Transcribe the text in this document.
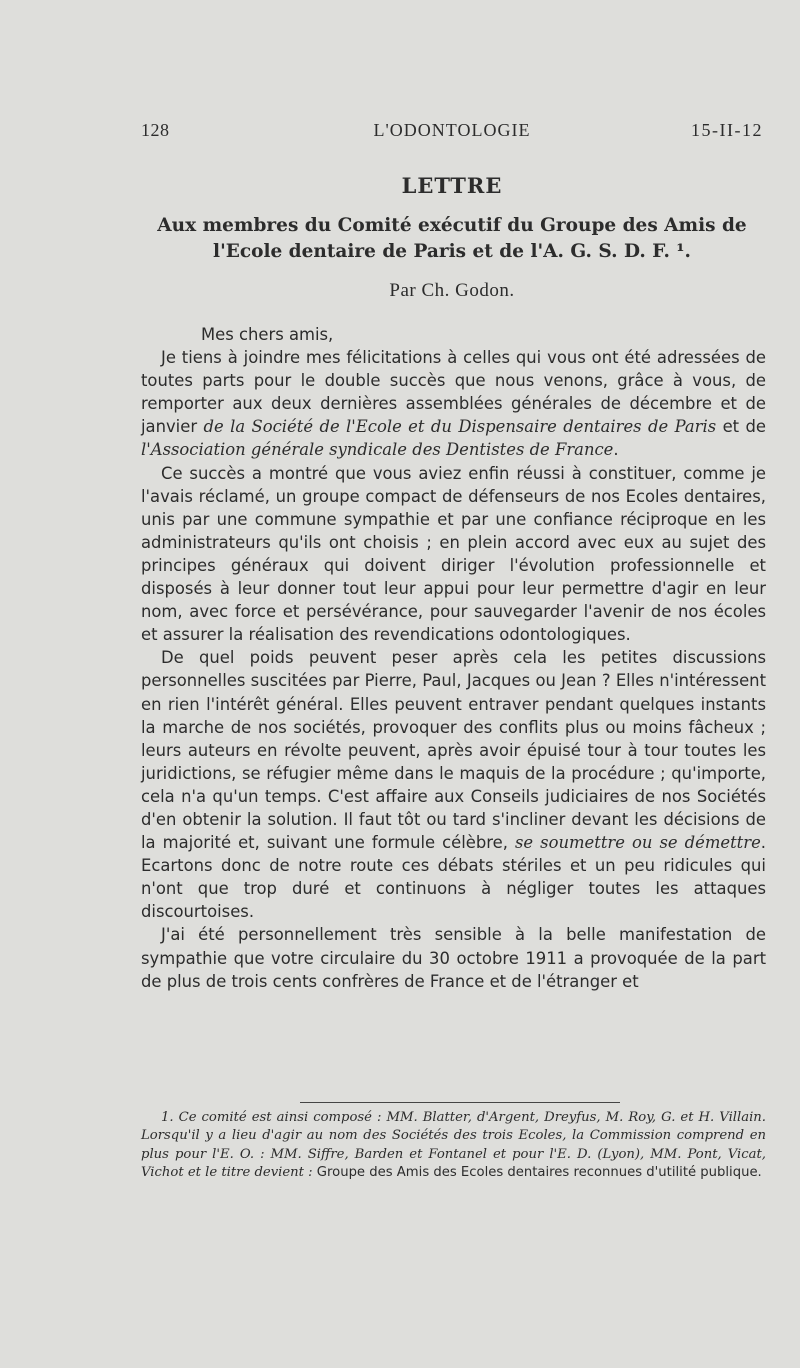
128	L'ODONTOLOGIE	15-II-12
LETTRE
Aux membres du Comité exécutif du Groupe des Amis de l'Ecole dentaire de Paris et de l'A. G. S. D. F. ¹.
Par Ch. Godon.

Mes chers amis,

Je tiens à joindre mes félicitations à celles qui vous ont été adressées de toutes parts pour le double succès que nous venons, grâce à vous, de remporter aux deux dernières assemblées générales de décembre et de janvier de la Société de l'Ecole et du Dispensaire dentaires de Paris et de l'Association générale syndicale des Dentistes de France.

Ce succès a montré que vous aviez enfin réussi à constituer, comme je l'avais réclamé, un groupe compact de défenseurs de nos Ecoles dentaires, unis par une commune sympathie et par une confiance réciproque en les administrateurs qu'ils ont choisis ; en plein accord avec eux au sujet des principes généraux qui doivent diriger l'évolution professionnelle et disposés à leur donner tout leur appui pour leur permettre d'agir en leur nom, avec force et persévérance, pour sauvegarder l'avenir de nos écoles et assurer la réalisation des revendications odontologiques.

De quel poids peuvent peser après cela les petites discussions personnelles suscitées par Pierre, Paul, Jacques ou Jean ? Elles n'intéressent en rien l'intérêt général. Elles peuvent entraver pendant quelques instants la marche de nos sociétés, provoquer des conflits plus ou moins fâcheux ; leurs auteurs en révolte peuvent, après avoir épuisé tour à tour toutes les juridictions, se réfugier même dans le maquis de la procédure ; qu'importe, cela n'a qu'un temps. C'est affaire aux Conseils judiciaires de nos Sociétés d'en obtenir la solution. Il faut tôt ou tard s'incliner devant les décisions de la majorité et, suivant une formule célèbre, se soumettre ou se démettre. Ecartons donc de notre route ces débats stériles et un peu ridicules qui n'ont que trop duré et continuons à négliger toutes les attaques discourtoises.

J'ai été personnellement très sensible à la belle manifestation de sympathie que votre circulaire du 30 octobre 1911 a provoquée de la part de plus de trois cents confrères de France et de l'étranger et

1. Ce comité est ainsi composé : MM. Blatter, d'Argent, Dreyfus, M. Roy, G. et H. Villain. Lorsqu'il y a lieu d'agir au nom des Sociétés des trois Ecoles, la Commission comprend en plus pour l'E. O. : MM. Siffre, Barden et Fontanel et pour l'E. D. (Lyon), MM. Pont, Vicat, Vichot et le titre devient : Groupe des Amis des Ecoles dentaires reconnues d'utilité publique.
